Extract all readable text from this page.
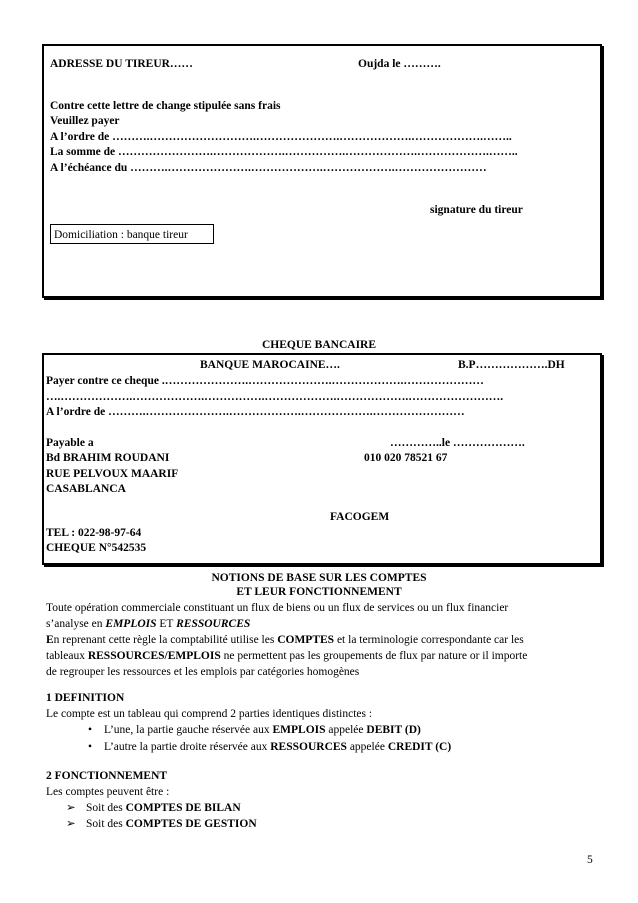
ADRESSE DU TIREUR……	Oujda le ……….
Contre cette lettre de change stipulée sans frais
Veuillez payer
A l’ordre de ……….……………………….………………….……………….……………….……..
La somme de …………………….……………….…………….……………….……………….……..
A l’échéance du ……….………………….……………….……………….……………………
signature du tireur
Domiciliation : banque tireur
CHEQUE BANCAIRE
BANQUE MAROCAINE….	B.P……………….DH
Payer contre ce cheque .………………….………………….……………….…………………
….……………….……………….…………….……………….……………….…………………….
A l’ordre de ……….………………….……………….……………….……………………
Payable a	…………..le ……………….
Bd BRAHIM ROUDANI	010 020 78521 67
RUE PELVOUX MAARIF
CASABLANCA
FACOGEM
TEL : 022-98-97-64
CHEQUE N°542535
NOTIONS DE BASE SUR LES COMPTES
ET LEUR FONCTIONNEMENT
Toute opération commerciale constituant un flux de biens ou un flux de services ou un flux financier
s’analyse en EMPLOIS ET RESSOURCES
En reprenant cette règle la comptabilité utilise les COMPTES et la terminologie correspondante car les
tableaux RESSOURCES/EMPLOIS ne permettent pas les groupements de flux par nature or il importe
de regrouper les ressources et les emplois par catégories homogènes
1 DEFINITION
Le compte est un tableau qui comprend 2 parties identiques distinctes :
• L’une, la partie gauche réservée aux EMPLOIS appelée DEBIT (D)
• L’autre la partie droite réservée aux RESSOURCES appelée CREDIT (C)
2 FONCTIONNEMENT
Les comptes peuvent être :
➢ Soit des COMPTES DE BILAN
➢ Soit des COMPTES DE GESTION
5
